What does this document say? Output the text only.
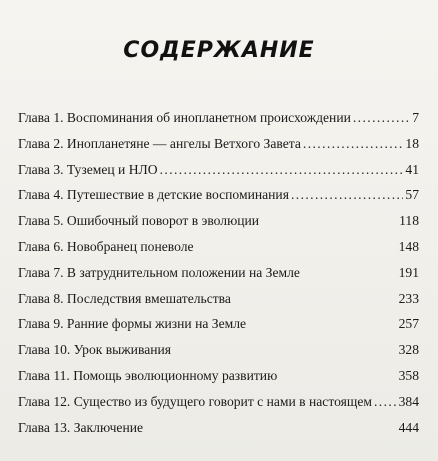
СОДЕРЖАНИЕ
Глава 1. Воспоминания об инопланетном происхождении . . .	7
Глава 2. Инопланетяне — ангелы Ветхого Завета . . .	18
Глава 3. Туземец и НЛО . . .	41
Глава 4. Путешествие в детские воспоминания . . .	57
Глава 5. Ошибочный поворот в эволюции	118
Глава 6. Новобранец поневоле	148
Глава 7. В затруднительном положении на Земле	191
Глава 8. Последствия вмешательства	233
Глава 9. Ранние формы жизни на Земле	257
Глава 10. Урок выживания	328
Глава 11. Помощь эволюционному развитию	358
Глава 12. Существо из будущего говорит с нами в настоящем . . . 384
Глава 13. Заключение	444
